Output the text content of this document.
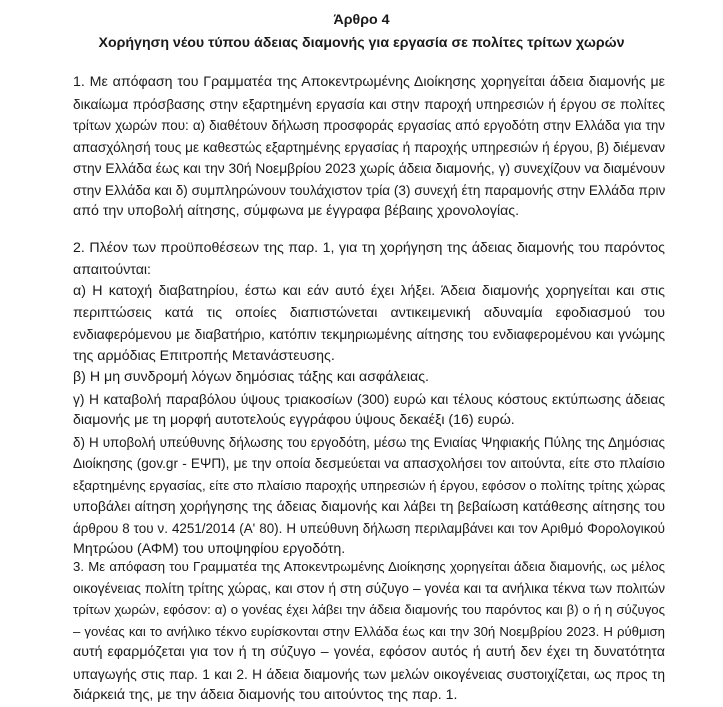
Άρθρο 4
Χορήγηση νέου τύπου άδειας διαμονής για εργασία σε πολίτες τρίτων χωρών
1. Με απόφαση του Γραμματέα της Αποκεντρωμένης Διοίκησης χορηγείται άδεια διαμονής με
δικαίωμα πρόσβασης στην εξαρτημένη εργασία και στην παροχή υπηρεσιών ή έργου σε πολίτες
τρίτων χωρών που: α) διαθέτουν δήλωση προσφοράς εργασίας από εργοδότη στην Ελλάδα για την
απασχόλησή τους με καθεστώς εξαρτημένης εργασίας ή παροχής υπηρεσιών ή έργου, β) διέμεναν
στην Ελλάδα έως και την 30ή Νοεμβρίου 2023 χωρίς άδεια διαμονής, γ) συνεχίζουν να διαμένουν
στην Ελλάδα και δ) συμπληρώνουν τουλάχιστον τρία (3) συνεχή έτη παραμονής στην Ελλάδα πριν
από την υποβολή αίτησης, σύμφωνα με έγγραφα βέβαιης χρονολογίας.
2. Πλέον των προϋποθέσεων της παρ. 1, για τη χορήγηση της άδειας διαμονής του παρόντος
απαιτούνται:
α) Η κατοχή διαβατηρίου, έστω και εάν αυτό έχει λήξει. Άδεια διαμονής χορηγείται και στις
περιπτώσεις κατά τις οποίες διαπιστώνεται αντικειμενική αδυναμία εφοδιασμού του
ενδιαφερόμενου με διαβατήριο, κατόπιν τεκμηριωμένης αίτησης του ενδιαφερομένου και γνώμης
της αρμόδιας Επιτροπής Μετανάστευσης.
β) Η μη συνδρομή λόγων δημόσιας τάξης και ασφάλειας.
γ) Η καταβολή παραβόλου ύψους τριακοσίων (300) ευρώ και τέλους κόστους εκτύπωσης άδειας
διαμονής με τη μορφή αυτοτελούς εγγράφου ύψους δεκαέξι (16) ευρώ.
δ) Η υποβολή υπεύθυνης δήλωσης του εργοδότη, μέσω της Ενιαίας Ψηφιακής Πύλης της Δημόσιας
Διοίκησης (gov.gr - ΕΨΠ), με την οποία δεσμεύεται να απασχολήσει τον αιτούντα, είτε στο πλαίσιο
εξαρτημένης εργασίας, είτε στο πλαίσιο παροχής υπηρεσιών ή έργου, εφόσον ο πολίτης τρίτης χώρας
υποβάλει αίτηση χορήγησης της άδειας διαμονής και λάβει τη βεβαίωση κατάθεσης αίτησης του
άρθρου 8 του ν. 4251/2014 (Α' 80). Η υπεύθυνη δήλωση περιλαμβάνει και τον Αριθμό Φορολογικού
Μητρώου (ΑΦΜ) του υποψηφίου εργοδότη.
3. Με απόφαση του Γραμματέα της Αποκεντρωμένης Διοίκησης χορηγείται άδεια διαμονής, ως μέλος
οικογένειας πολίτη τρίτης χώρας, και στον ή στη σύζυγο – γονέα και τα ανήλικα τέκνα των πολιτών
τρίτων χωρών, εφόσον: α) ο γονέας έχει λάβει την άδεια διαμονής του παρόντος και β) ο ή η σύζυγος
– γονέας και το ανήλικο τέκνο ευρίσκονται στην Ελλάδα έως και την 30ή Νοεμβρίου 2023. Η ρύθμιση
αυτή εφαρμόζεται για τον ή τη σύζυγο – γονέα, εφόσον αυτός ή αυτή δεν έχει τη δυνατότητα
υπαγωγής στις παρ. 1 και 2. Η άδεια διαμονής των μελών οικογένειας συστοιχίζεται, ως προς τη
διάρκειά της, με την άδεια διαμονής του αιτούντος της παρ. 1.
